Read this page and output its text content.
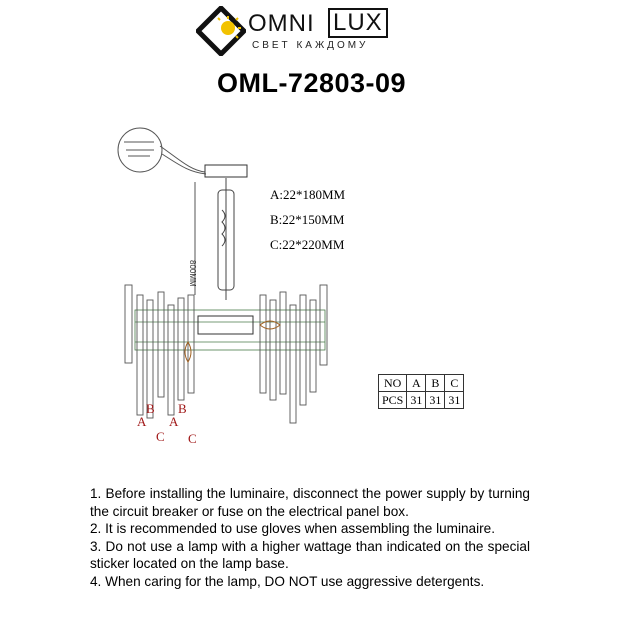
OMNI LUX
СВЕТ КАЖДОМУ
OML-72803-09
800MM
A:22*180MM
B:22*150MM
C:22*220MM
A
B
C
A
B
C
NO	A	B	C
PCS	31	31	31

1. Before installing the luminaire, disconnect the power supply by turning the circuit breaker or fuse on the electrical panel box.

2. It is recommended to use gloves when assembling the luminaire.

3. Do not use a lamp with a higher wattage than indicated on the special sticker located on the lamp base.

4. When caring for the lamp, DO NOT use aggressive detergents.
